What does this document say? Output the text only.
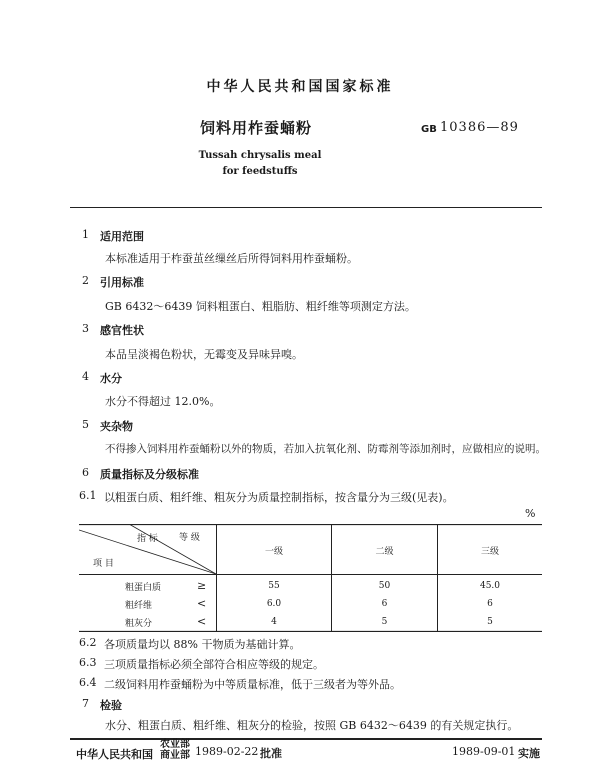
中华人民共和国国家标准
饲料用柞蚕蛹粉	GB 10386—89
Tussah chrysalis meal
for feedstuffs
1 适用范围
本标准适用于柞蚕茧丝缫丝后所得饲料用柞蚕蛹粉。
2 引用标准
GB 6432～6439 饲料粗蛋白、粗脂肪、粗纤维等项测定方法。
3 感官性状
本品呈淡褐色粉状，无霉变及异味异嗅。
4 水分
水分不得超过 12.0%。
5 夹杂物
不得掺入饲料用柞蚕蛹粉以外的物质，若加入抗氧化剂、防霉剂等添加剂时，应做相应的说明。
6 质量指标及分级标准
6.1 以粗蛋白质、粗纤维、粗灰分为质量控制指标，按含量分为三级(见表)。
%
指 标 等 级
项 目
一级	二级	三级
粗蛋白质	≥	55	50	45.0
粗纤维	<	6.0	6	6
粗灰分	<	4	5	5
6.2 各项质量均以 88% 干物质为基础计算。
6.3 三项质量指标必须全部符合相应等级的规定。
6.4 二级饲料用柞蚕蛹粉为中等质量标准，低于三级者为等外品。
7 检验
水分、粗蛋白质、粗纤维、粗灰分的检验，按照 GB 6432～6439 的有关规定执行。
中华人民共和国
农业部
商业部 1989-02-22 批准	1989-09-01 实施
